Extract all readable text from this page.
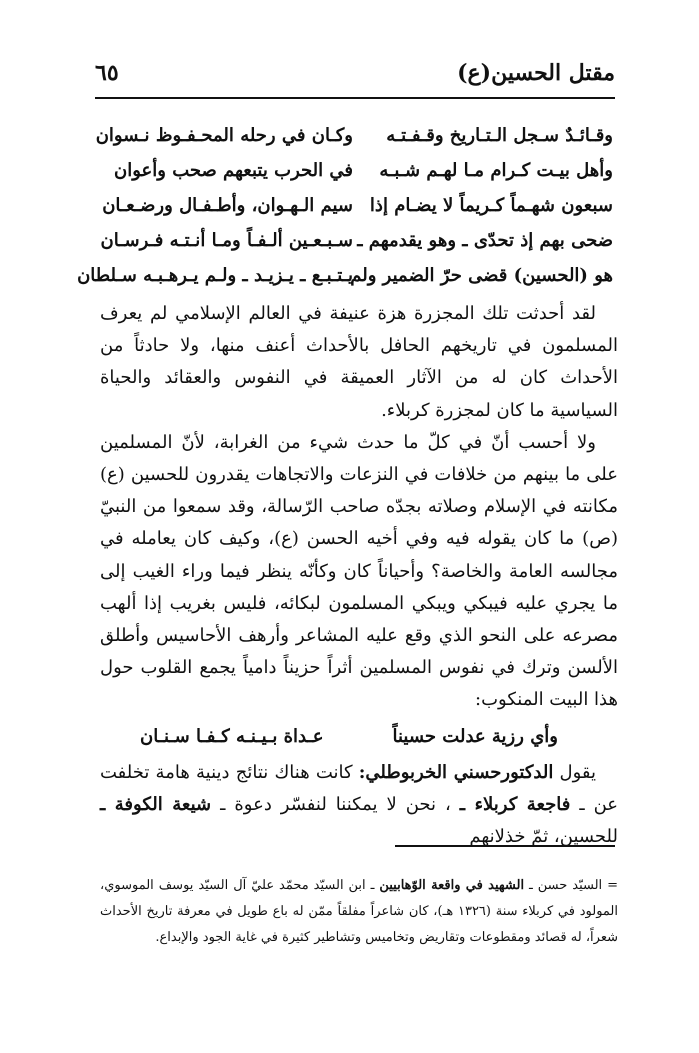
مقتل الحسين(ع)
٦٥
وقـائـدٌ سـجل الـتـاريخ وقـفـتـه
وكـان في رحله المحـفـوظ نـسوان
وأهل بيـت كـرام مـا لهـم شـبـه
في الحرب يتبعهم صحب وأعوان
سبعون شهـماً كـريماً لا يضـام إذا
سيم الـهـوان، وأطـفـال ورضـعـان
ضحى بهم إذ تحدّى ـ وهو يقدمهم ـ
سـبـعـين ألـفـاً ومـا أنـتـه فـرسـان
هو (الحسين) قضى حرّ الضمير ولم
يـتـبـع ـ يـزيـد ـ ولـم يـرهـبـه سـلطان

لقد أحدثت تلك المجزرة هزة عنيفة في العالم الإسلامي لم يعرف المسلمون في تاريخهم الحافل بالأحداث أعنف منها، ولا حادثاً من الأحداث كان له من الآثار العميقة في النفوس والعقائد والحياة السياسية ما كان لمجزرة كربلاء.

ولا أحسب أنّ في كلّ ما حدث شيء من الغرابة، لأنّ المسلمين على ما بينهم من خلافات في النزعات والاتجاهات يقدرون للحسين (ع) مكانته في الإسلام وصلاته بجدّه صاحب الرّسالة، وقد سمعوا من النبيّ (ص) ما كان يقوله فيه وفي أخيه الحسن (ع)، وكيف كان يعامله في مجالسه العامة والخاصة؟ وأحياناً كان وكأنّه ينظر فيما وراء الغيب إلى ما يجري عليه فيبكي ويبكي المسلمون لبكائه، فليس بغريب إذا ألهب مصرعه على النحو الذي وقع عليه المشاعر وأرهف الأحاسيس وأطلق الألسن وترك في نفوس المسلمين أثراً حزيناً دامياً يجمع القلوب حول هذا البيت المنكوب:

وأي رزية عدلت حسيناً
عـداة بـيـنـه كـفـا سـنـان

يقول الدكتورحسني الخربوطلي: كانت هناك نتائج دينية هامة تخلفت عن ـ فاجعة كربلاء ـ ، نحن لا يمكننا لنفسّر دعوة ـ شيعة الكوفة ـ للحسين، ثمّ خذلانهم

= السيّد حسن ـ الشهيد في واقعة الوّهابيين ـ ابن السيّد محمّد عليّ آل السيّد يوسف الموسوي، المولود في كربلاء سنة (١٣٢٦ هـ)، كان شاعراً مفلقاً ممّن له باع طويل في معرفة تاريخ الأحداث شعراً، له قصائد ومقطوعات وتقاريض وتخاميس وتشاطير كثيرة في غاية الجود والإبداع.
